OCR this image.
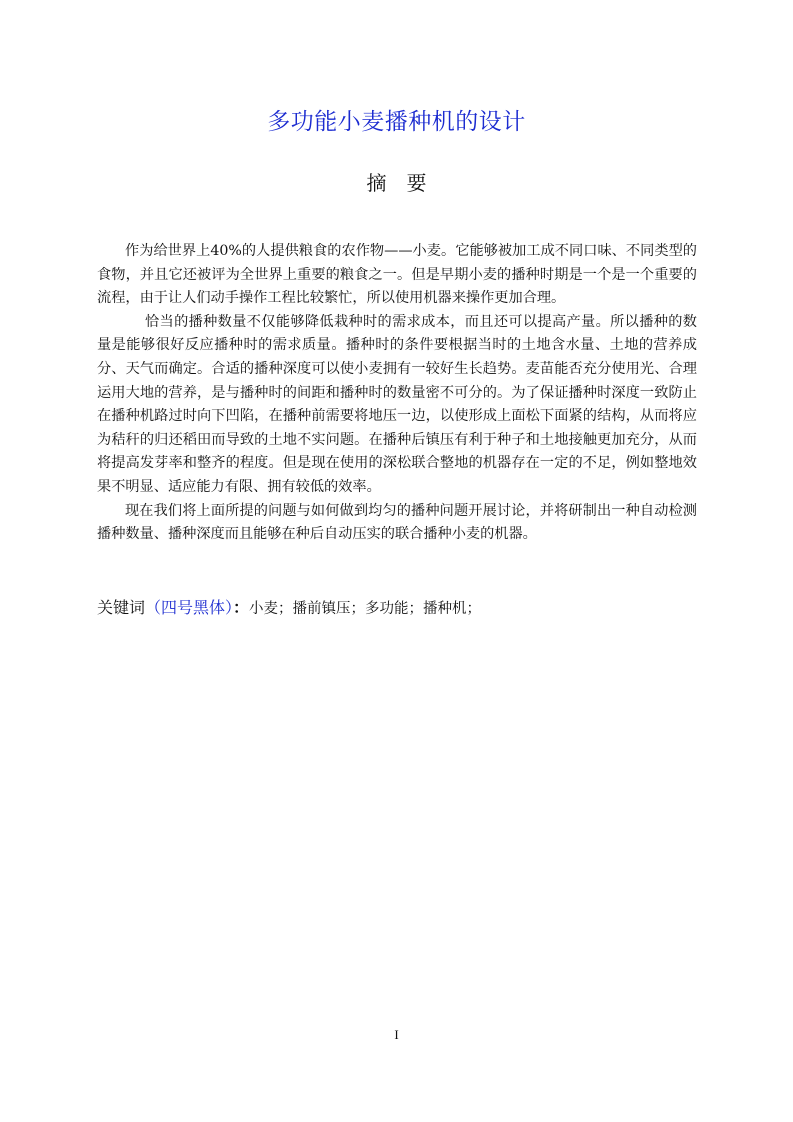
多功能小麦播种机的设计
摘 要

作为给世界上40%的人提供粮食的农作物——小麦。它能够被加工成不同口味、不同类型的食物，并且它还被评为全世界上重要的粮食之一。但是早期小麦的播种时期是一个是一个重要的流程，由于让人们动手操作工程比较繁忙，所以使用机器来操作更加合理。

恰当的播种数量不仅能够降低栽种时的需求成本，而且还可以提高产量。所以播种的数量是能够很好反应播种时的需求质量。播种时的条件要根据当时的土地含水量、土地的营养成分、天气而确定。合适的播种深度可以使小麦拥有一较好生长趋势。麦苗能否充分使用光、合理运用大地的营养，是与播种时的间距和播种时的数量密不可分的。为了保证播种时深度一致防止在播种机路过时向下凹陷，在播种前需要将地压一边，以使形成上面松下面紧的结构，从而将应为秸秆的归还稻田而导致的土地不实问题。在播种后镇压有利于种子和土地接触更加充分，从而将提高发芽率和整齐的程度。但是现在使用的深松联合整地的机器存在一定的不足，例如整地效果不明显、适应能力有限、拥有较低的效率。

现在我们将上面所提的问题与如何做到均匀的播种问题开展讨论，并将研制出一种自动检测播种数量、播种深度而且能够在种后自动压实的联合播种小麦的机器。

关键词（四号黑体）：小麦；播前镇压；多功能；播种机；
I
